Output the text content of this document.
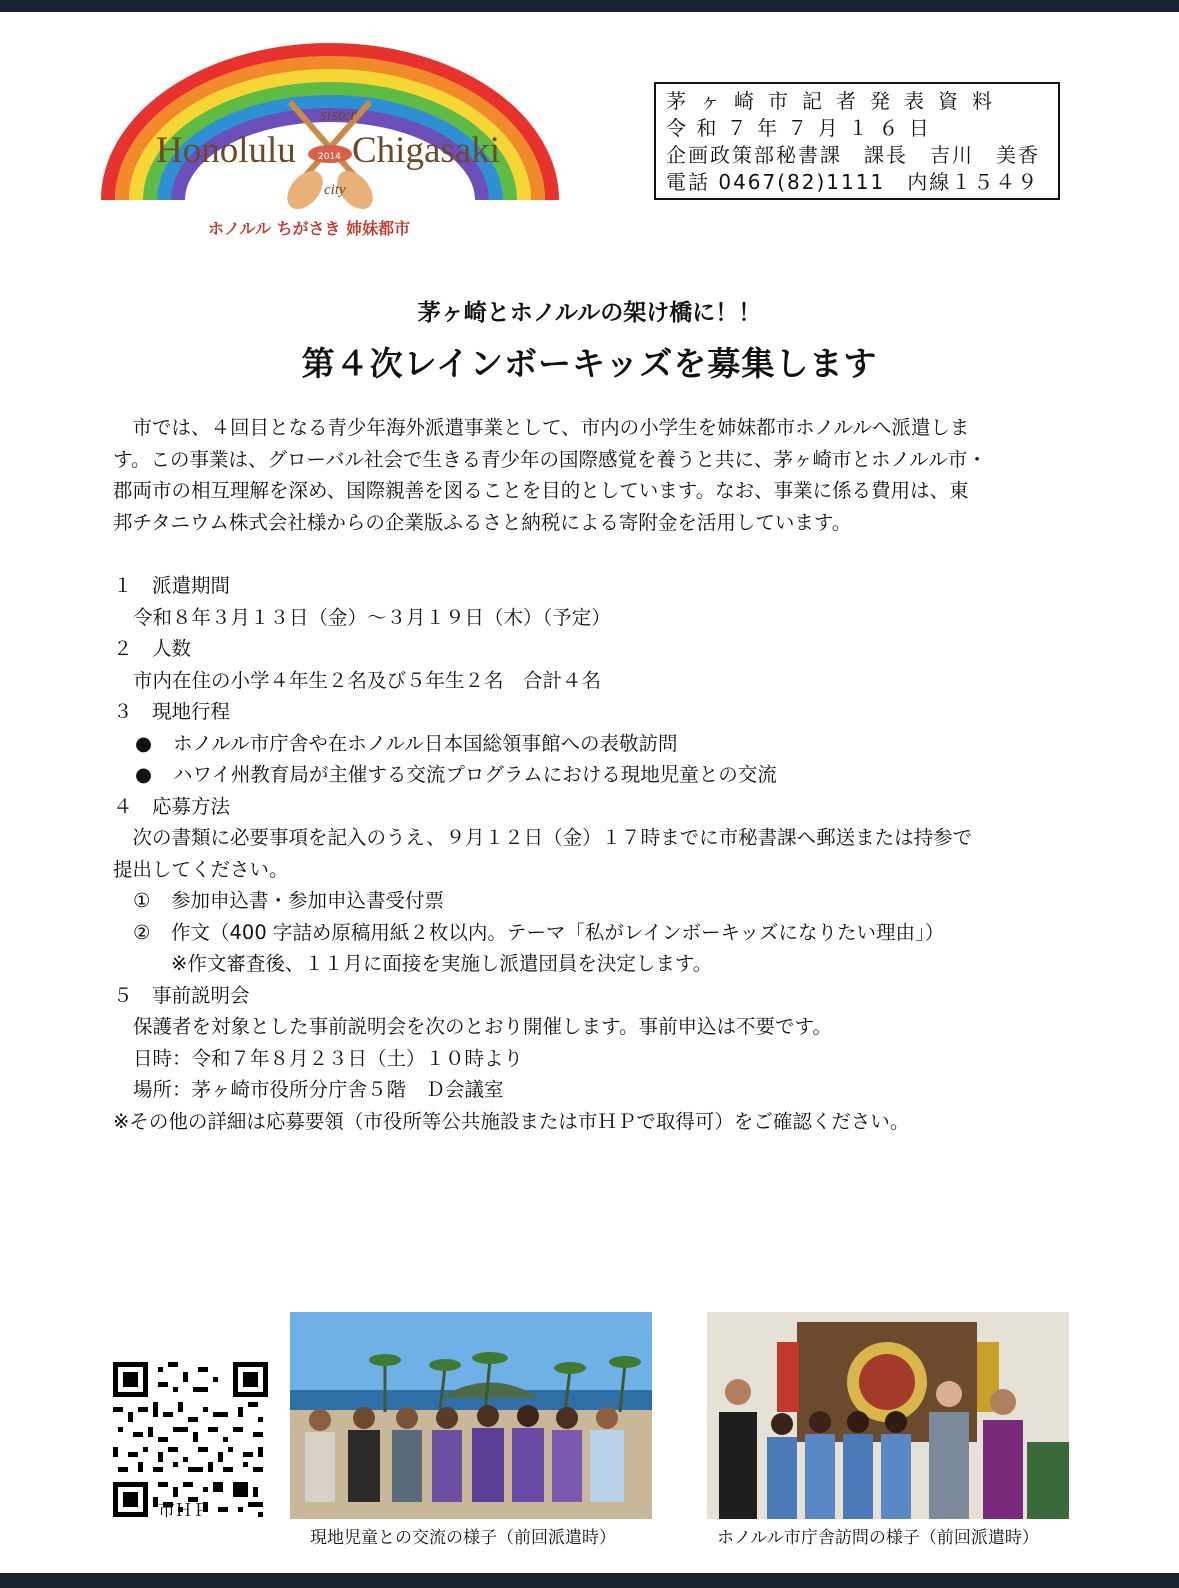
sister
Honolulu Chigasaki
2014
city
ホノルル ちがさき 姉妹都市
茅ヶ崎市記者発表資料
令 和 ７ 年 ７ 月 １ ６ 日
企画政策部秘書課　課長　吉川　美香
電話 0467(82)1111　内線１５４９
茅ヶ崎とホノルルの架け橋に！！
第４次レインボーキッズを募集します

　市では、４回目となる青少年海外派遣事業として、市内の小学生を姉妹都市ホノルルへ派遣しま

す。この事業は、グローバル社会で生きる青少年の国際感覚を養うと共に、茅ヶ崎市とホノルル市・

郡両市の相互理解を深め、国際親善を図ることを目的としています。なお、事業に係る費用は、東

邦チタニウム株式会社様からの企業版ふるさと納税による寄附金を活用しています。

１　派遣期間

令和８年３月１３日（金）～３月１９日（木）（予定）

２　人数

市内在住の小学４年生２名及び５年生２名　合計４名

３　現地行程

●	ホノルル市庁舎や在ホノルル日本国総領事館への表敬訪問
●	ハワイ州教育局が主催する交流プログラムにおける現地児童との交流

４　応募方法

　次の書類に必要事項を記入のうえ、９月１２日（金）１７時までに市秘書課へ郵送または持参で

提出してください。

①	参加申込書・参加申込書受付票
②	作文（400 字詰め原稿用紙２枚以内。テーマ「私がレインボーキッズになりたい理由」）

※作文審査後、１１月に面接を実施し派遣団員を決定します。

５　事前説明会

保護者を対象とした事前説明会を次のとおり開催します。事前申込は不要です。

日時：令和７年８月２３日（土）１０時より

場所：茅ヶ崎市役所分庁舎５階　Ｄ会議室

※その他の詳細は応募要領（市役所等公共施設または市ＨＰで取得可）をご確認ください。

市ＨＰ
現地児童との交流の様子（前回派遣時）	ホノルル市庁舎訪問の様子（前回派遣時）
